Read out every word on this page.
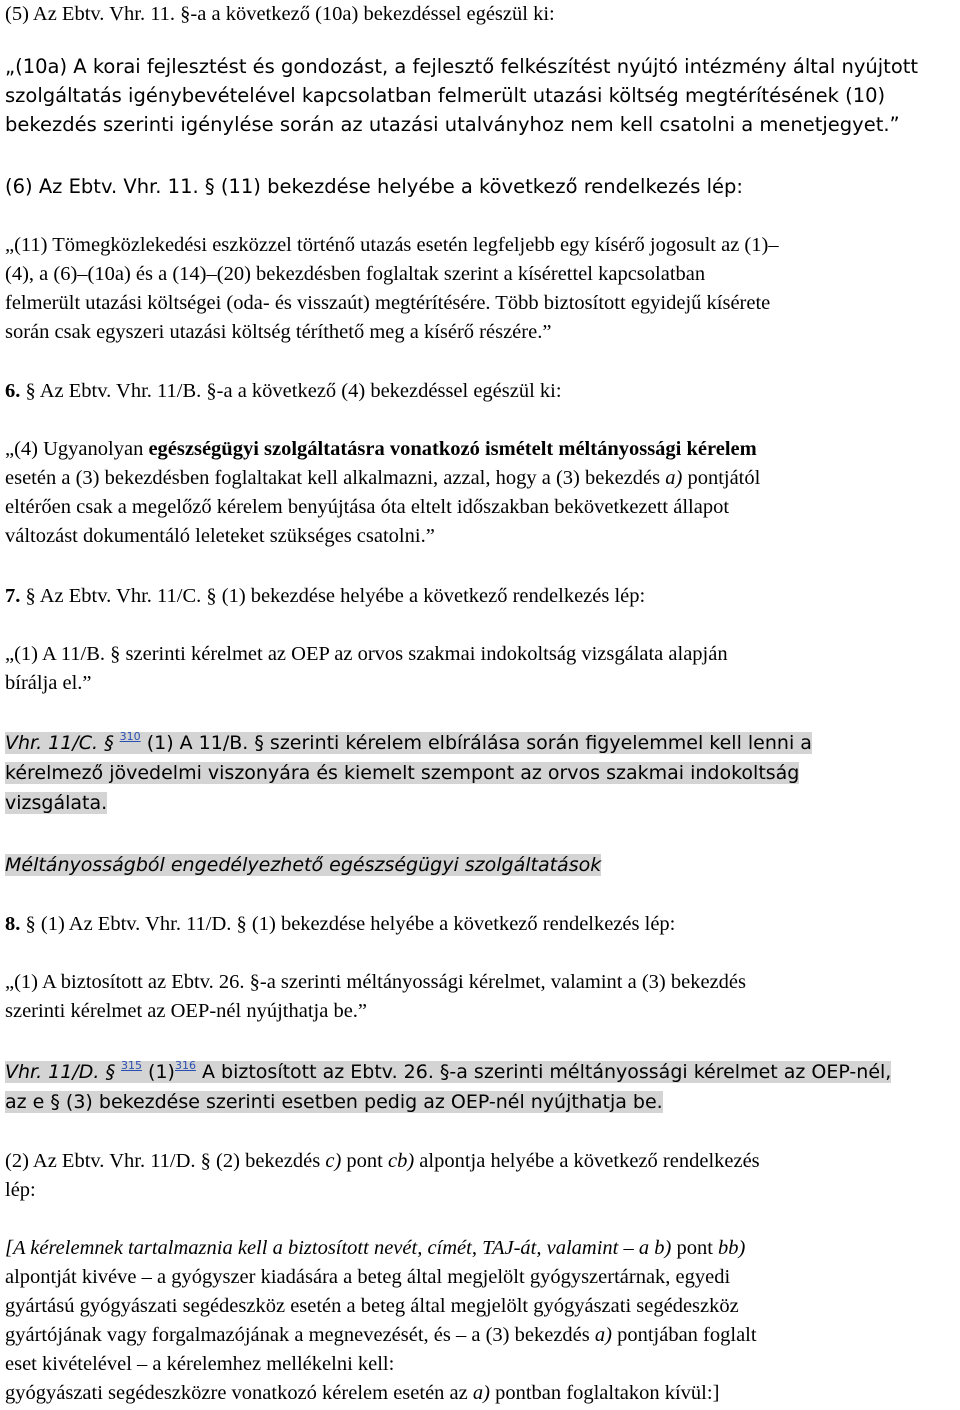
(5) Az Ebtv. Vhr. 11. §-a a következő (10a) bekezdéssel egészül ki:
„(10a) A korai fejlesztést és gondozást, a fejlesztő felkészítést nyújtó intézmény által nyújtott
szolgáltatás igénybevételével kapcsolatban felmerült utazási költség megtérítésének (10)
bekezdés szerinti igénylése során az utazási utalványhoz nem kell csatolni a menetjegyet.”
(6) Az Ebtv. Vhr. 11. § (11) bekezdése helyébe a következő rendelkezés lép:
„(11) Tömegközlekedési eszközzel történő utazás esetén legfeljebb egy kísérő jogosult az (1)–
(4), a (6)–(10a) és a (14)–(20) bekezdésben foglaltak szerint a kísérettel kapcsolatban
felmerült utazási költségei (oda- és visszaút) megtérítésére. Több biztosított egyidejű kísérete
során csak egyszeri utazási költség téríthető meg a kísérő részére.”
6. § Az Ebtv. Vhr. 11/B. §-a a következő (4) bekezdéssel egészül ki:
„(4) Ugyanolyan egészségügyi szolgáltatásra vonatkozó ismételt méltányossági kérelem
esetén a (3) bekezdésben foglaltakat kell alkalmazni, azzal, hogy a (3) bekezdés a) pontjától
eltérően csak a megelőző kérelem benyújtása óta eltelt időszakban bekövetkezett állapot
változást dokumentáló leleteket szükséges csatolni.”
7. § Az Ebtv. Vhr. 11/C. § (1) bekezdése helyébe a következő rendelkezés lép:
„(1) A 11/B. § szerinti kérelmet az OEP az orvos szakmai indokoltság vizsgálata alapján
bírálja el.”
Vhr. 11/C. § $^{310}$ (1) A 11/B. § szerinti kérelem elbírálása során figyelemmel kell lenni a
kérelmező jövedelmi viszonyára és kiemelt szempont az orvos szakmai indokoltság
vizsgálata.
Méltányosságból engedélyezhető egészségügyi szolgáltatások
8. § (1) Az Ebtv. Vhr. 11/D. § (1) bekezdése helyébe a következő rendelkezés lép:
„(1) A biztosított az Ebtv. 26. §-a szerinti méltányossági kérelmet, valamint a (3) bekezdés
szerinti kérelmet az OEP-nél nyújthatja be.”
Vhr. 11/D. § $^{315}$ (1)$^{316}$ A biztosított az Ebtv. 26. §-a szerinti méltányossági kérelmet az OEP-nél,
az e § (3) bekezdése szerinti esetben pedig az OEP-nél nyújthatja be.
(2) Az Ebtv. Vhr. 11/D. § (2) bekezdés c) pont cb) alpontja helyébe a következő rendelkezés
lép:
[A kérelemnek tartalmaznia kell a biztosított nevét, címét, TAJ-át, valamint – a b) pont bb)
alpontját kivéve – a gyógyszer kiadására a beteg által megjelölt gyógyszertárnak, egyedi
gyártású gyógyászati segédeszköz esetén a beteg által megjelölt gyógyászati segédeszköz
gyártójának vagy forgalmazójának a megnevezését, és – a (3) bekezdés a) pontjában foglalt
eset kivételével – a kérelemhez mellékelni kell:
gyógyászati segédeszközre vonatkozó kérelem esetén az a) pontban foglaltakon kívül:]
